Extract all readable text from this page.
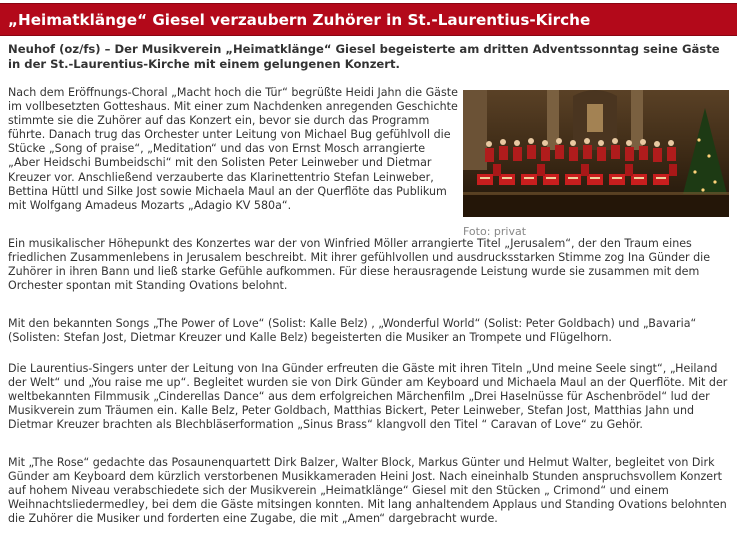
„Heimatklänge“ Giesel verzaubern Zuhörer in St.-Laurentius-Kirche

Neuhof (oz/fs) – Der Musikverein „Heimatklänge“ Giesel begeisterte am dritten Adventssonntag seine Gäste in der St.-Laurentius-Kirche mit einem gelungenen Konzert.

Nach dem Eröffnungs-Choral „Macht hoch die Tür“ begrüßte Heidi Jahn die Gäste im vollbesetzten Gotteshaus. Mit einer zum Nachdenken anregenden Geschichte stimmte sie die Zuhörer auf das Konzert ein, bevor sie durch das Programm führte. Danach trug das Orchester unter Leitung von Michael Bug gefühlvoll die Stücke „Song of praise“, „Meditation“ und das von Ernst Mosch arrangierte „Aber Heidschi Bumbeidschi“ mit den Solisten Peter Leinweber und Dietmar Kreuzer vor. Anschließend verzauberte das Klarinettentrio Stefan Leinweber, Bettina Hüttl und Silke Jost sowie Michaela Maul an der Querflöte das Publikum mit Wolfgang Amadeus Mozarts „Adagio KV 580a“.

Foto: privat

Ein musikalischer Höhepunkt des Konzertes war der von Winfried Möller arrangierte Titel „Jerusalem“, der den Traum eines friedlichen Zusammenlebens in Jerusalem beschreibt. Mit ihrer gefühlvollen und ausdrucksstarken Stimme zog Ina Günder die Zuhörer in ihren Bann und ließ starke Gefühle aufkommen. Für diese herausragende Leistung wurde sie zusammen mit dem Orchester spontan mit Standing Ovations belohnt.

Mit den bekannten Songs „The Power of Love“ (Solist: Kalle Belz) , „Wonderful World“ (Solist: Peter Goldbach) und „Bavaria“ (Solisten: Stefan Jost, Dietmar Kreuzer und Kalle Belz) begeisterten die Musiker an Trompete und Flügelhorn.

Die Laurentius-Singers unter der Leitung von Ina Günder erfreuten die Gäste mit ihren Titeln „Und meine Seele singt“, „Heiland der Welt“ und „You raise me up“. Begleitet wurden sie von Dirk Günder am Keyboard und Michaela Maul an der Querflöte. Mit der weltbekannten Filmmusik „Cinderellas Dance“ aus dem erfolgreichen Märchenfilm „Drei Haselnüsse für Aschenbrödel“ lud der Musikverein zum Träumen ein. Kalle Belz, Peter Goldbach, Matthias Bickert, Peter Leinweber, Stefan Jost, Matthias Jahn und Dietmar Kreuzer brachten als Blechbläserformation „Sinus Brass“ klangvoll den Titel “ Caravan of Love“ zu Gehör.

Mit „The Rose“ gedachte das Posaunenquartett Dirk Balzer, Walter Block, Markus Günter und Helmut Walter, begleitet von Dirk Günder am Keyboard dem kürzlich verstorbenen Musikkameraden Heini Jost. Nach eineinhalb Stunden anspruchsvollem Konzert auf hohem Niveau verabschiedete sich der Musikverein „Heimatklänge“ Giesel mit den Stücken „ Crimond“ und einem Weihnachtsliedermedley, bei dem die Gäste mitsingen konnten. Mit lang anhaltendem Applaus und Standing Ovations belohnten die Zuhörer die Musiker und forderten eine Zugabe, die mit „Amen“ dargebracht wurde.
